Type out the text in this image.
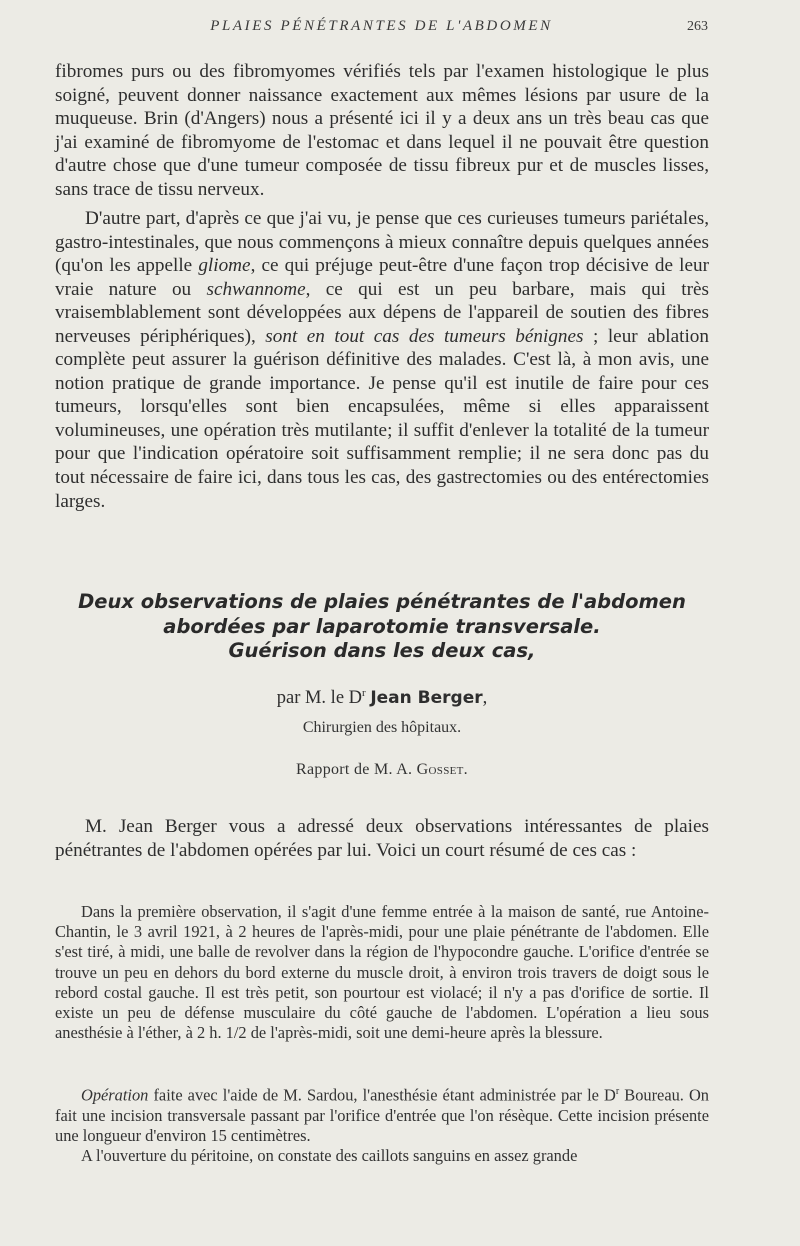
PLAIES PÉNÉTRANTES DE L'ABDOMEN	263

fibromes purs ou des fibromyomes vérifiés tels par l'examen histologique le plus soigné, peuvent donner naissance exactement aux mêmes lésions par usure de la muqueuse. Brin (d'Angers) nous a présenté ici il y a deux ans un très beau cas que j'ai examiné de fibromyome de l'estomac et dans lequel il ne pouvait être question d'autre chose que d'une tumeur composée de tissu fibreux pur et de muscles lisses, sans trace de tissu nerveux.

D'autre part, d'après ce que j'ai vu, je pense que ces curieuses tumeurs pariétales, gastro-intestinales, que nous commençons à mieux connaître depuis quelques années (qu'on les appelle gliome, ce qui préjuge peut-être d'une façon trop décisive de leur vraie nature ou schwannome, ce qui est un peu barbare, mais qui très vraisemblablement sont développées aux dépens de l'appareil de soutien des fibres nerveuses périphériques), sont en tout cas des tumeurs bénignes ; leur ablation complète peut assurer la guérison définitive des malades. C'est là, à mon avis, une notion pratique de grande importance. Je pense qu'il est inutile de faire pour ces tumeurs, lorsqu'elles sont bien encapsulées, même si elles apparaissent volumineuses, une opération très mutilante; il suffit d'enlever la totalité de la tumeur pour que l'indication opératoire soit suffisamment remplie; il ne sera donc pas du tout nécessaire de faire ici, dans tous les cas, des gastrectomies ou des entérectomies larges.

Deux observations de plaies pénétrantes de l'abdomen
abordées par laparotomie transversale.
Guérison dans les deux cas,
par M. le $D^r$ Jean Berger,
Chirurgien des hôpitaux.
Rapport de M. A. Gosset.

M. Jean Berger vous a adressé deux observations intéressantes de plaies pénétrantes de l'abdomen opérées par lui. Voici un court résumé de ces cas :

Dans la première observation, il s'agit d'une femme entrée à la maison de santé, rue Antoine-Chantin, le 3 avril 1921, à 2 heures de l'après-midi, pour une plaie pénétrante de l'abdomen. Elle s'est tiré, à midi, une balle de revolver dans la région de l'hypocondre gauche. L'orifice d'entrée se trouve un peu en dehors du bord externe du muscle droit, à environ trois travers de doigt sous le rebord costal gauche. Il est très petit, son pourtour est violacé; il n'y a pas d'orifice de sortie. Il existe un peu de défense musculaire du côté gauche de l'abdomen. L'opération a lieu sous anesthésie à l'éther, à 2 h. 1/2 de l'après-midi, soit une demi-heure après la blessure.

Opération faite avec l'aide de M. Sardou, l'anesthésie étant administrée par le $D^r$ Boureau. On fait une incision transversale passant par l'orifice d'entrée que l'on résèque. Cette incision présente une longueur d'environ 15 centimètres.

A l'ouverture du péritoine, on constate des caillots sanguins en assez grande
